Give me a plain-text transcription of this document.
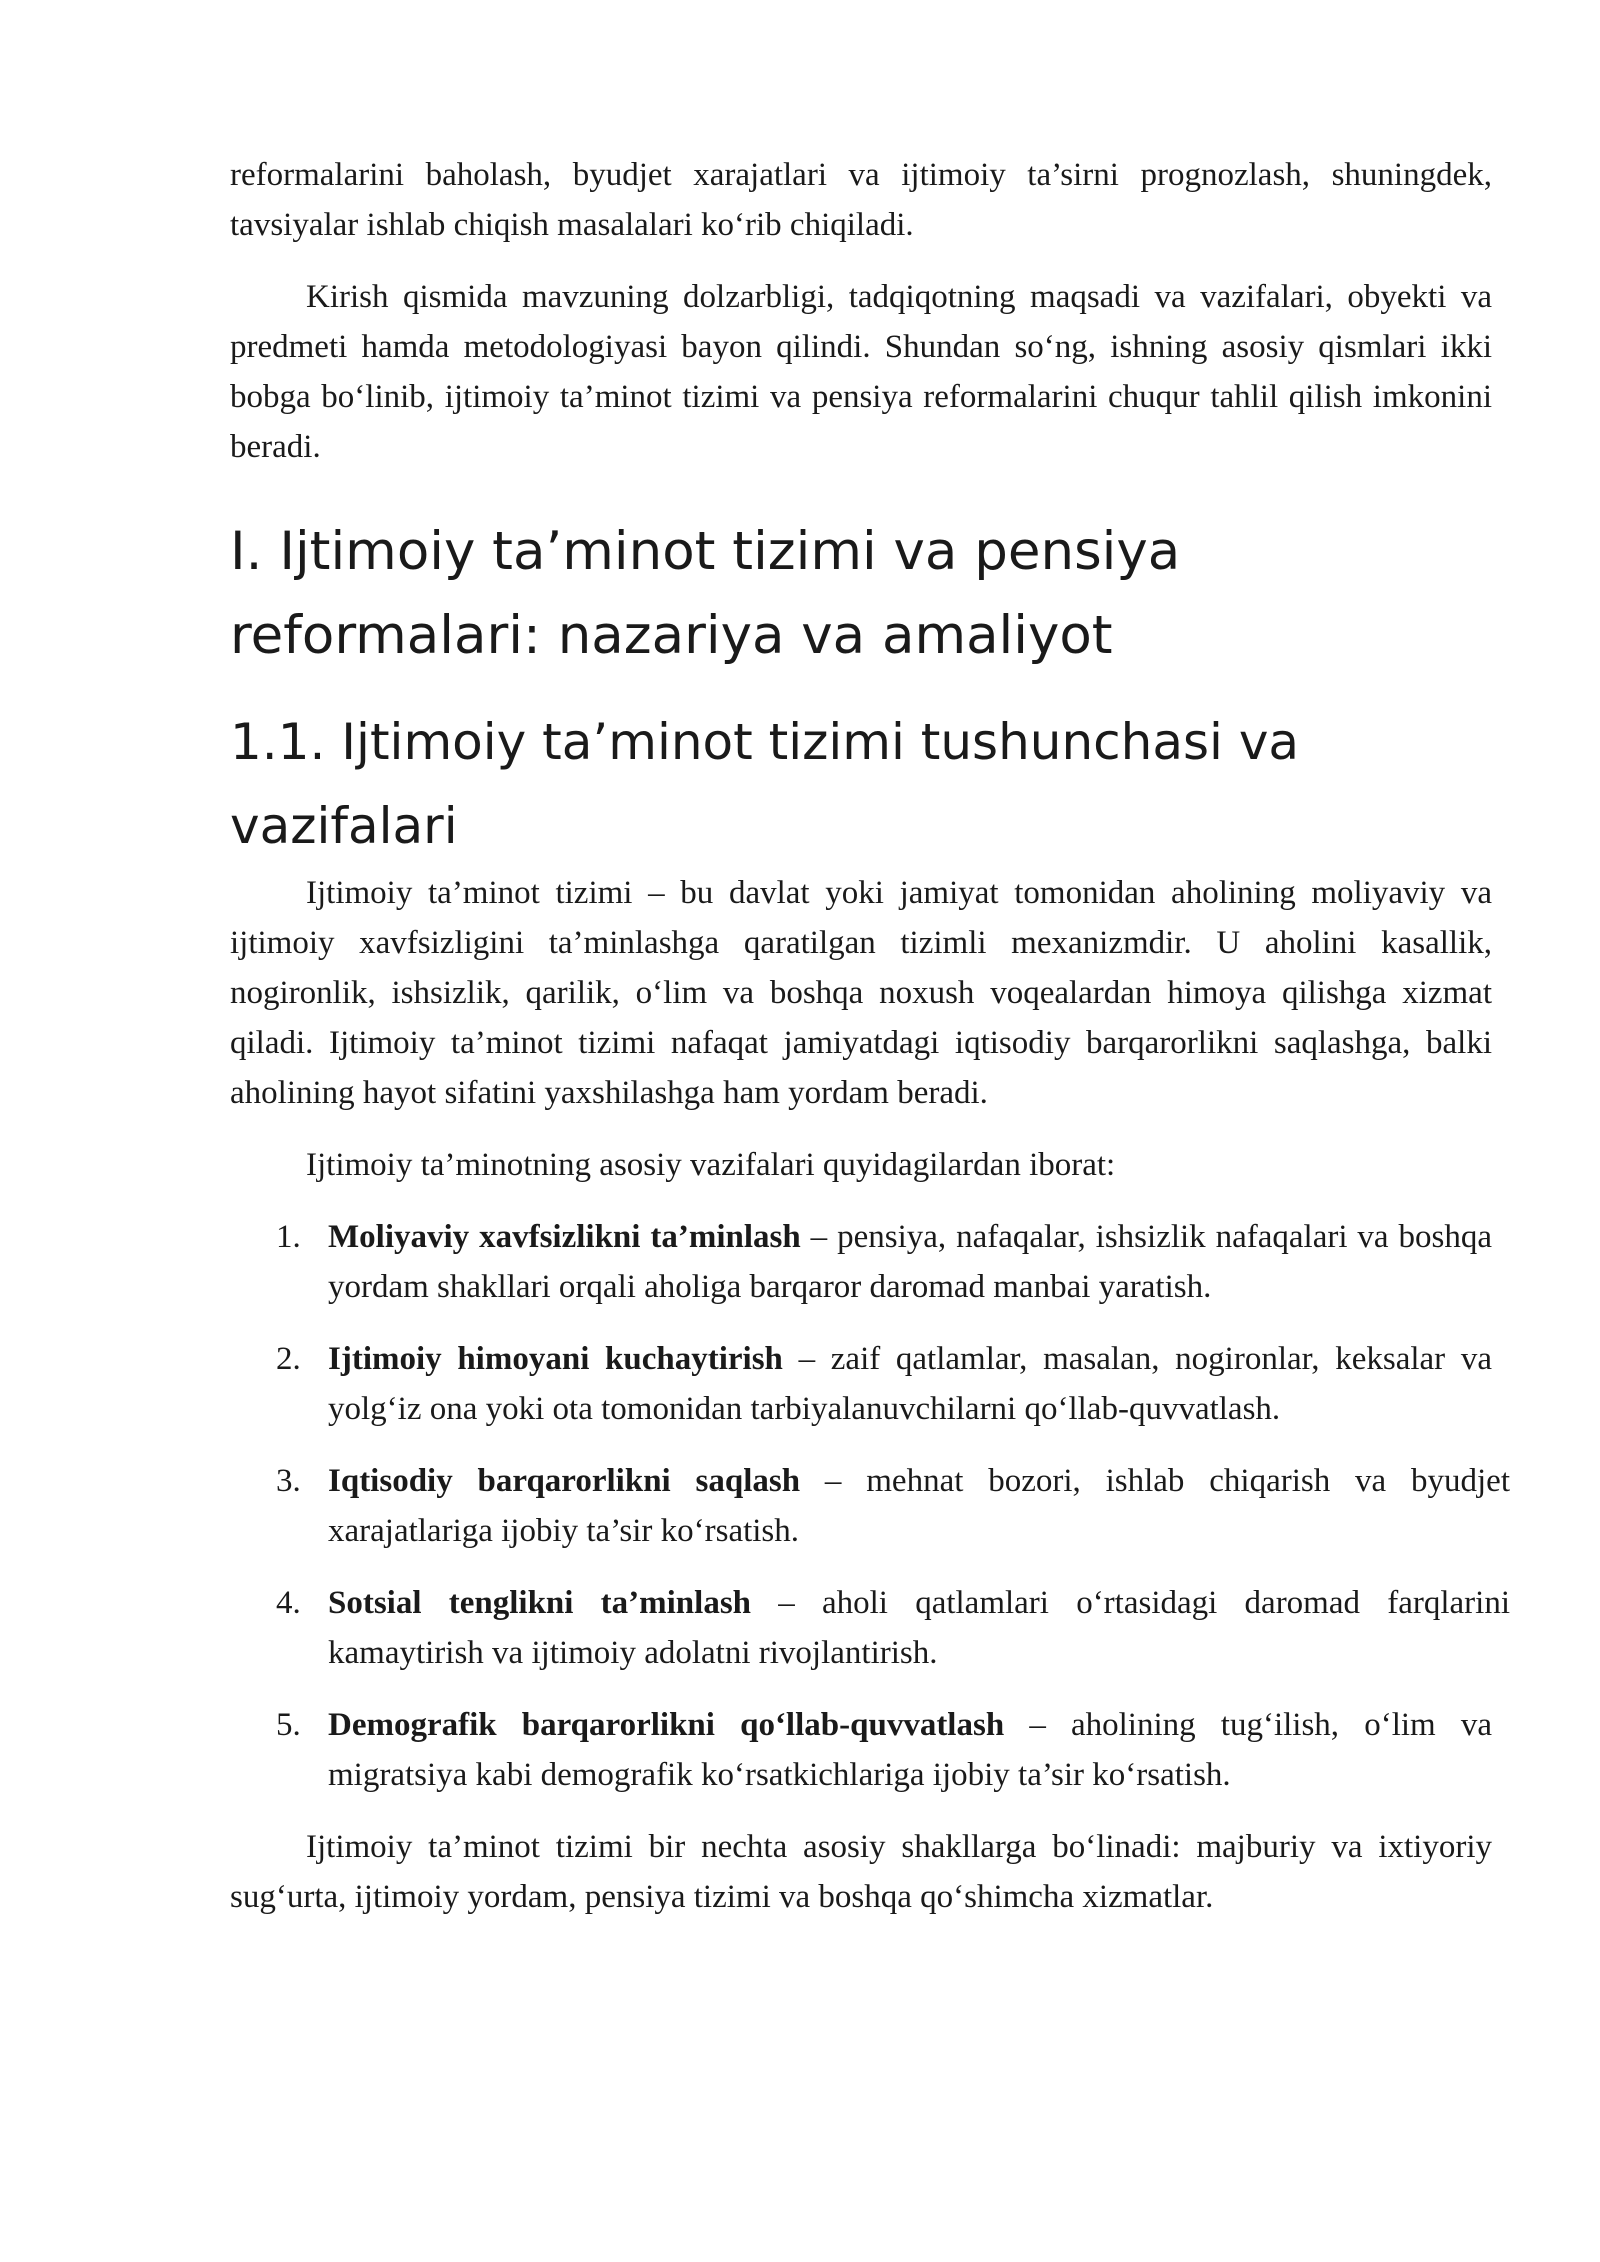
reformalarini baholash, byudjet xarajatlari va ijtimoiy ta’sirni prognozlash, shuningdek, tavsiyalar ishlab chiqish masalalari ko‘rib chiqiladi.

Kirish qismida mavzuning dolzarbligi, tadqiqotning maqsadi va vazifalari, obyekti va predmeti hamda metodologiyasi bayon qilindi. Shundan so‘ng, ishning asosiy qismlari ikki bobga bo‘linib, ijtimoiy ta’minot tizimi va pensiya reformalarini chuqur tahlil qilish imkonini beradi.

I. Ijtimoiy ta’minot tizimi va pensiya
reformalari: nazariya va amaliyot
1.1. Ijtimoiy ta’minot tizimi tushunchasi va
vazifalari

Ijtimoiy ta’minot tizimi – bu davlat yoki jamiyat tomonidan aholining moliyaviy va ijtimoiy xavfsizligini ta’minlashga qaratilgan tizimli mexanizmdir. U aholini kasallik, nogironlik, ishsizlik, qarilik, o‘lim va boshqa noxush voqealardan himoya qilishga xizmat qiladi. Ijtimoiy ta’minot tizimi nafaqat jamiyatdagi iqtisodiy barqarorlikni saqlashga, balki aholining hayot sifatini yaxshilashga ham yordam beradi.

Ijtimoiy ta’minotning asosiy vazifalari quyidagilardan iborat:

1. Moliyaviy xavfsizlikni ta’minlash – pensiya, nafaqalar, ishsizlik nafaqalari va boshqa yordam shakllari orqali aholiga barqaror daromad manbai yaratish.
2. Ijtimoiy himoyani kuchaytirish – zaif qatlamlar, masalan, nogironlar, keksalar va yolg‘iz ona yoki ota tomonidan tarbiyalanuvchilarni qo‘llab-quvvatlash.
3. Iqtisodiy barqarorlikni saqlash – mehnat bozori, ishlab chiqarish va byudjet xarajatlariga ijobiy ta’sir ko‘rsatish.
4. Sotsial tenglikni ta’minlash – aholi qatlamlari o‘rtasidagi daromad farqlarini kamaytirish va ijtimoiy adolatni rivojlantirish.
5. Demografik barqarorlikni qo‘llab-quvvatlash – aholining tug‘ilish, o‘lim va migratsiya kabi demografik ko‘rsatkichlariga ijobiy ta’sir ko‘rsatish.

Ijtimoiy ta’minot tizimi bir nechta asosiy shakllarga bo‘linadi: majburiy va ixtiyoriy sug‘urta, ijtimoiy yordam, pensiya tizimi va boshqa qo‘shimcha xizmatlar.
